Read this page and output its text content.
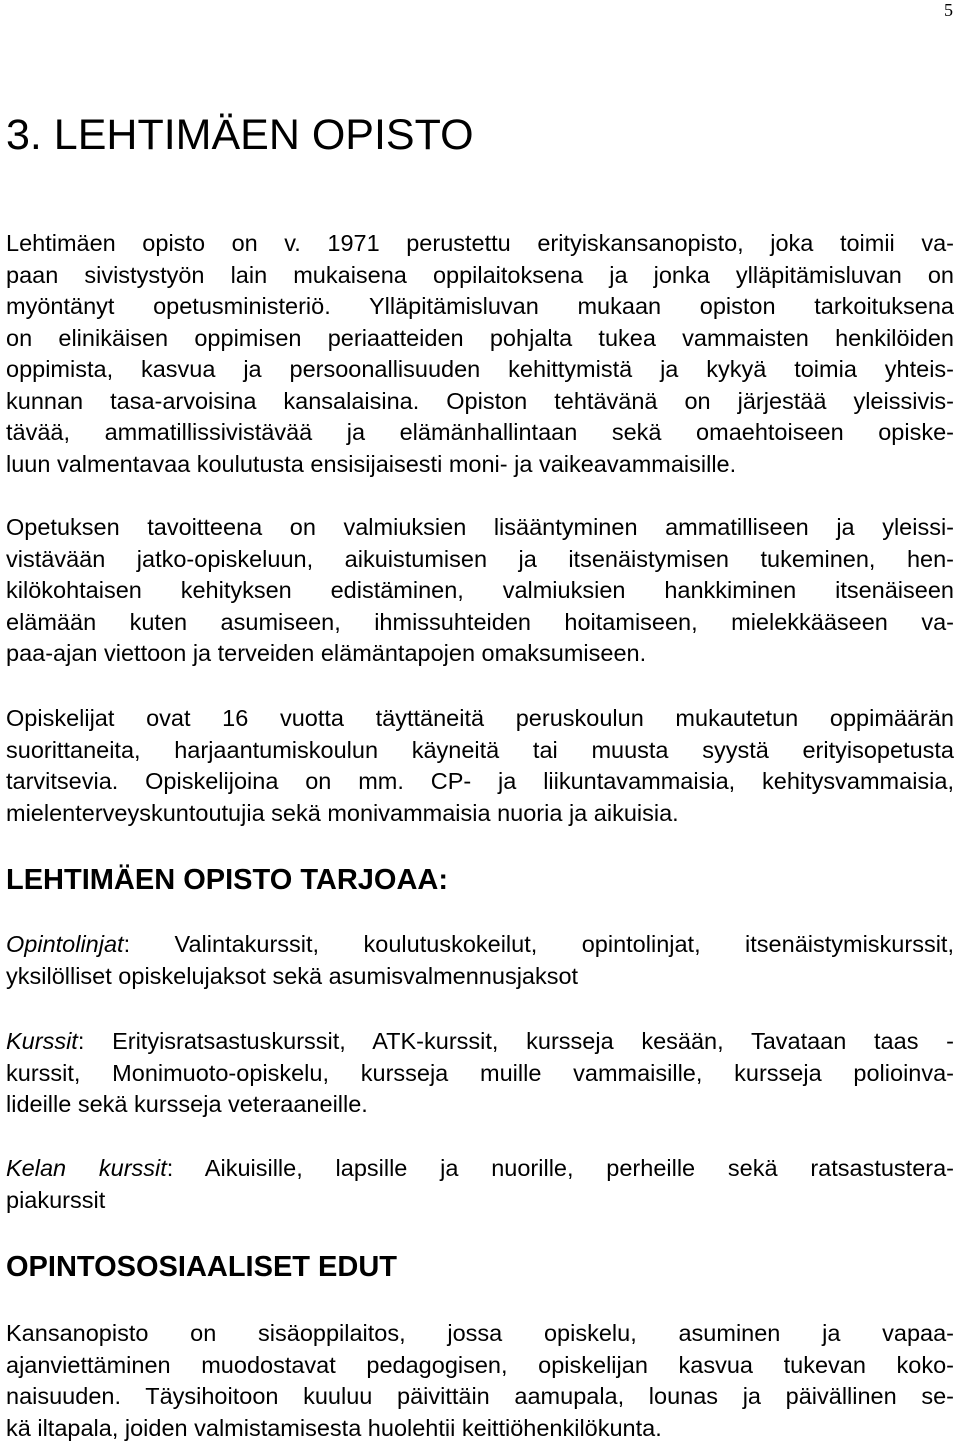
5
3. LEHTIMÄEN OPISTO

Lehtimäen opisto on v. 1971 perustettu erityiskansanopisto, joka toimii va-
paan sivistystyön lain mukaisena oppilaitoksena ja jonka ylläpitämisluvan on
myöntänyt opetusministeriö. Ylläpitämisluvan mukaan opiston tarkoituksena
on elinikäisen oppimisen periaatteiden pohjalta tukea vammaisten henkilöiden
oppimista, kasvua ja persoonallisuuden kehittymistä ja kykyä toimia yhteis-
kunnan tasa-arvoisina kansalaisina. Opiston tehtävänä on järjestää yleissivis-
tävää, ammatillissivistävää ja elämänhallintaan sekä omaehtoiseen opiske-
luun valmentavaa koulutusta ensisijaisesti moni- ja vaikeavammaisille.

Opetuksen tavoitteena on valmiuksien lisääntyminen ammatilliseen ja yleissi-
vistävään jatko-opiskeluun, aikuistumisen ja itsenäistymisen tukeminen, hen-
kilökohtaisen kehityksen edistäminen, valmiuksien hankkiminen itsenäiseen
elämään kuten asumiseen, ihmissuhteiden hoitamiseen, mielekkääseen va-
paa-ajan viettoon ja terveiden elämäntapojen omaksumiseen.

Opiskelijat ovat 16 vuotta täyttäneitä peruskoulun mukautetun oppimäärän
suorittaneita, harjaantumiskoulun käyneitä tai muusta syystä erityisopetusta
tarvitsevia. Opiskelijoina on mm. CP- ja liikuntavammaisia, kehitysvammaisia,
mielenterveyskuntoutujia sekä monivammaisia nuoria ja aikuisia.

LEHTIMÄEN OPISTO TARJOAA:

Opintolinjat: Valintakurssit, koulutuskokeilut, opintolinjat, itsenäistymiskurssit,
yksilölliset opiskelujaksot sekä asumisvalmennusjaksot

Kurssit: Erityisratsastuskurssit, ATK-kurssit, kursseja kesään, Tavataan taas -
kurssit, Monimuoto-opiskelu, kursseja muille vammaisille, kursseja polioinva-
lideille sekä kursseja veteraaneille.

Kelan kurssit: Aikuisille, lapsille ja nuorille, perheille sekä ratsastustera-
piakurssit

OPINTOSOSIAALISET EDUT

Kansanopisto on sisäoppilaitos, jossa opiskelu, asuminen ja vapaa-
ajanviettäminen muodostavat pedagogisen, opiskelijan kasvua tukevan koko-
naisuuden. Täysihoitoon kuuluu päivittäin aamupala, lounas ja päivällinen se-
kä iltapala, joiden valmistamisesta huolehtii keittiöhenkilökunta.
